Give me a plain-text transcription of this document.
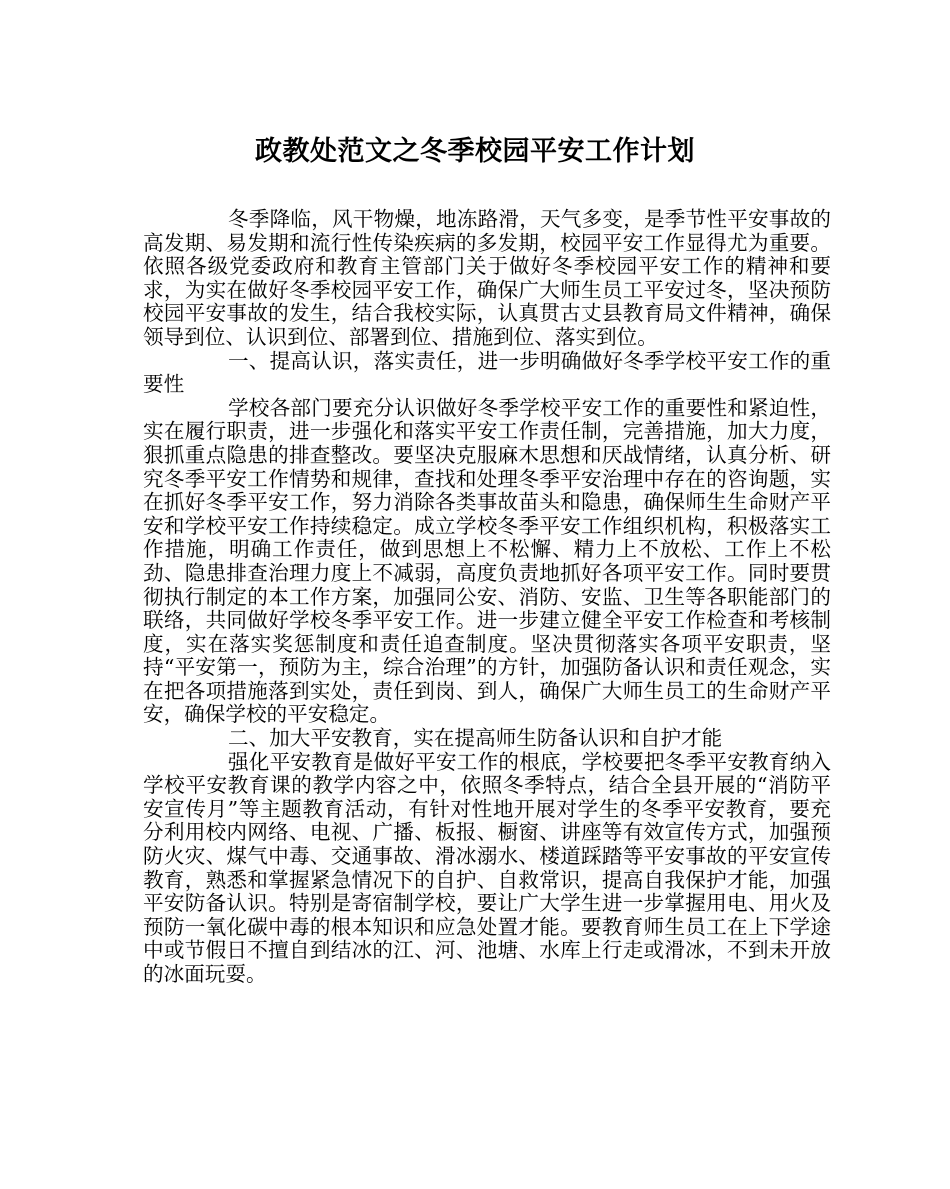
政教处范文之冬季校园平安工作计划

冬季降临，风干物燥，地冻路滑，天气多变，是季节性平安事故的高发期、易发期和流行性传染疾病的多发期，校园平安工作显得尤为重要。依照各级党委政府和教育主管部门关于做好冬季校园平安工作的精神和要求，为实在做好冬季校园平安工作，确保广大师生员工平安过冬，坚决预防校园平安事故的发生，结合我校实际，认真贯古丈县教育局文件精神，确保领导到位、认识到位、部署到位、措施到位、落实到位。

一、提高认识，落实责任，进一步明确做好冬季学校平安工作的重要性

学校各部门要充分认识做好冬季学校平安工作的重要性和紧迫性，实在履行职责，进一步强化和落实平安工作责任制，完善措施，加大力度，狠抓重点隐患的排查整改。要坚决克服麻木思想和厌战情绪，认真分析、研究冬季平安工作情势和规律，查找和处理冬季平安治理中存在的咨询题，实在抓好冬季平安工作，努力消除各类事故苗头和隐患，确保师生生命财产平安和学校平安工作持续稳定。成立学校冬季平安工作组织机构，积极落实工作措施，明确工作责任，做到思想上不松懈、精力上不放松、工作上不松劲、隐患排查治理力度上不减弱，高度负责地抓好各项平安工作。同时要贯彻执行制定的本工作方案，加强同公安、消防、安监、卫生等各职能部门的联络，共同做好学校冬季平安工作。进一步建立健全平安工作检查和考核制度，实在落实奖惩制度和责任追查制度。坚决贯彻落实各项平安职责，坚持“平安第一，预防为主，综合治理”的方针，加强防备认识和责任观念，实在把各项措施落到实处，责任到岗、到人，确保广大师生员工的生命财产平安，确保学校的平安稳定。

二、加大平安教育，实在提高师生防备认识和自护才能

强化平安教育是做好平安工作的根底，学校要把冬季平安教育纳入学校平安教育课的教学内容之中，依照冬季特点，结合全县开展的“消防平安宣传月”等主题教育活动，有针对性地开展对学生的冬季平安教育，要充分利用校内网络、电视、广播、板报、橱窗、讲座等有效宣传方式，加强预防火灾、煤气中毒、交通事故、滑冰溺水、楼道踩踏等平安事故的平安宣传教育，熟悉和掌握紧急情况下的自护、自救常识，提高自我保护才能，加强平安防备认识。特别是寄宿制学校，要让广大学生进一步掌握用电、用火及预防一氧化碳中毒的根本知识和应急处置才能。要教育师生员工在上下学途中或节假日不擅自到结冰的江、河、池塘、水库上行走或滑冰，不到未开放的冰面玩耍。
